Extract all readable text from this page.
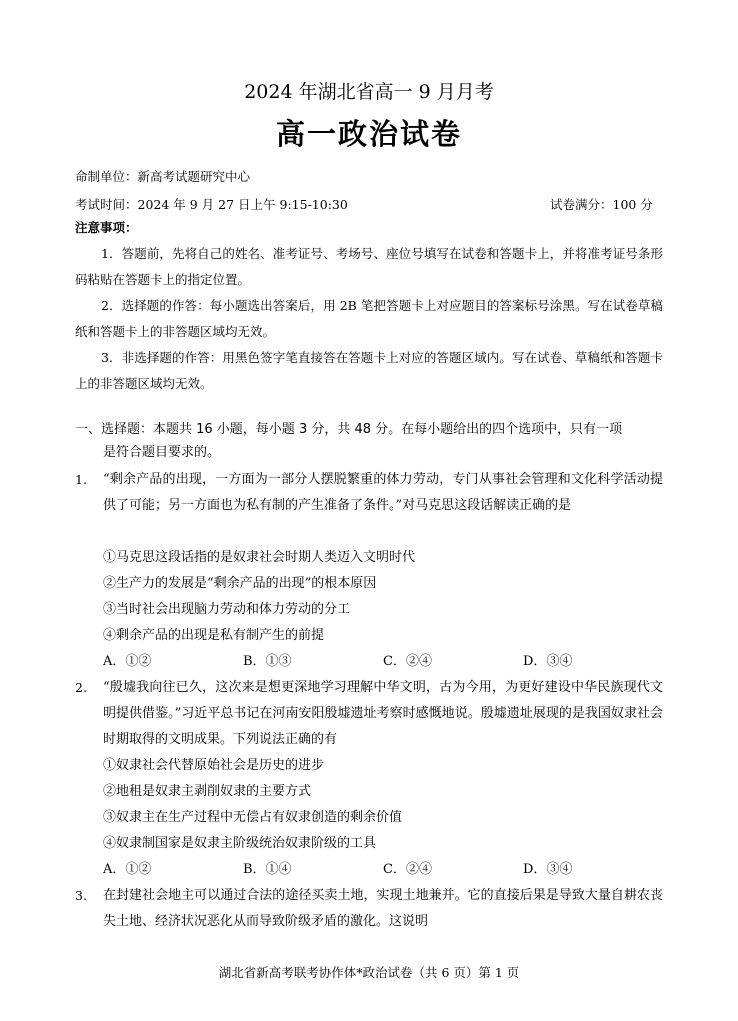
2024 年湖北省高一 9 月月考
高一政治试卷
命制单位：新高考试题研究中心
考试时间：2024 年 9 月 27 日上午 9:15-10:30	试卷满分：100 分
注意事项：
1．答题前，先将自己的姓名、准考证号、考场号、座位号填写在试卷和答题卡上，并将准考证号条形码粘贴在答题卡上的指定位置。
2．选择题的作答：每小题选出答案后，用 2B 笔把答题卡上对应题目的答案标号涂黑。写在试卷草稿纸和答题卡上的非答题区域均无效。
3．非选择题的作答：用黑色签字笔直接答在答题卡上对应的答题区域内。写在试卷、草稿纸和答题卡上的非答题区域均无效。
一、选择题：本题共 16 小题，每小题 3 分，共 48 分。在每小题给出的四个选项中，只有一项
是符合题目要求的。
1. “剩余产品的出现，一方面为一部分人摆脱繁重的体力劳动，专门从事社会管理和文化科学活动提供了可能；另一方面也为私有制的产生准备了条件。”对马克思这段话解读正确的是
①马克思这段话指的是奴隶社会时期人类迈入文明时代
②生产力的发展是“剩余产品的出现”的根本原因
③当时社会出现脑力劳动和体力劳动的分工
④剩余产品的出现是私有制产生的前提
A．①②	B．①③	C．②④	D．③④
2. “殷墟我向往已久，这次来是想更深地学习理解中华文明，古为今用，为更好建设中华民族现代文明提供借鉴。”习近平总书记在河南安阳殷墟遗址考察时感慨地说。殷墟遗址展现的是我国奴隶社会时期取得的文明成果。下列说法正确的有
①奴隶社会代替原始社会是历史的进步
②地租是奴隶主剥削奴隶的主要方式
③奴隶主在生产过程中无偿占有奴隶创造的剩余价值
④奴隶制国家是奴隶主阶级统治奴隶阶级的工具
A．①②	B．①④	C．②④	D．③④
3. 在封建社会地主可以通过合法的途径买卖土地，实现土地兼并。它的直接后果是导致大量自耕农丧失土地、经济状况恶化从而导致阶级矛盾的激化。这说明
湖北省新高考联考协作体*政治试卷（共 6 页）第 1 页
